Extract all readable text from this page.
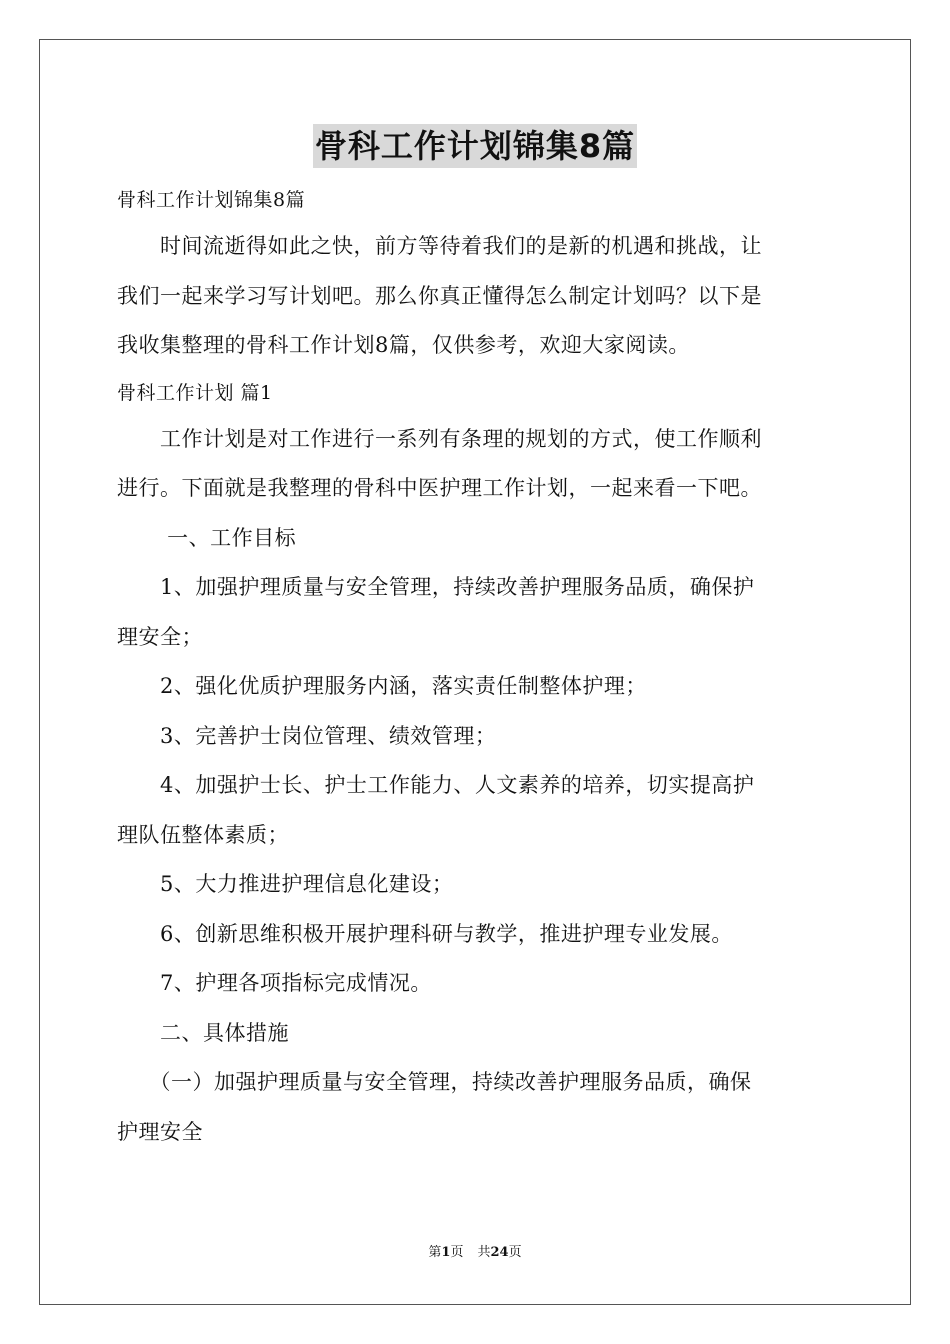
骨科工作计划锦集8篇
骨科工作计划锦集8篇
　　时间流逝得如此之快，前方等待着我们的是新的机遇和挑战，让
我们一起来学习写计划吧。那么你真正懂得怎么制定计划吗？以下是
我收集整理的骨科工作计划8篇，仅供参考，欢迎大家阅读。
骨科工作计划 篇1
　　工作计划是对工作进行一系列有条理的规划的方式，使工作顺利
进行。下面就是我整理的骨科中医护理工作计划，一起来看一下吧。
　　 一、工作目标
　　1、加强护理质量与安全管理，持续改善护理服务品质，确保护
理安全；
　　2、强化优质护理服务内涵，落实责任制整体护理；
　　3、完善护士岗位管理、绩效管理；
　　4、加强护士长、护士工作能力、人文素养的培养，切实提高护
理队伍整体素质；
　　5、大力推进护理信息化建设；
　　6、创新思维积极开展护理科研与教学，推进护理专业发展。
　　7、护理各项指标完成情况。
　　二、具体措施
　　（一）加强护理质量与安全管理，持续改善护理服务品质，确保
护理安全
第1页 共24页
